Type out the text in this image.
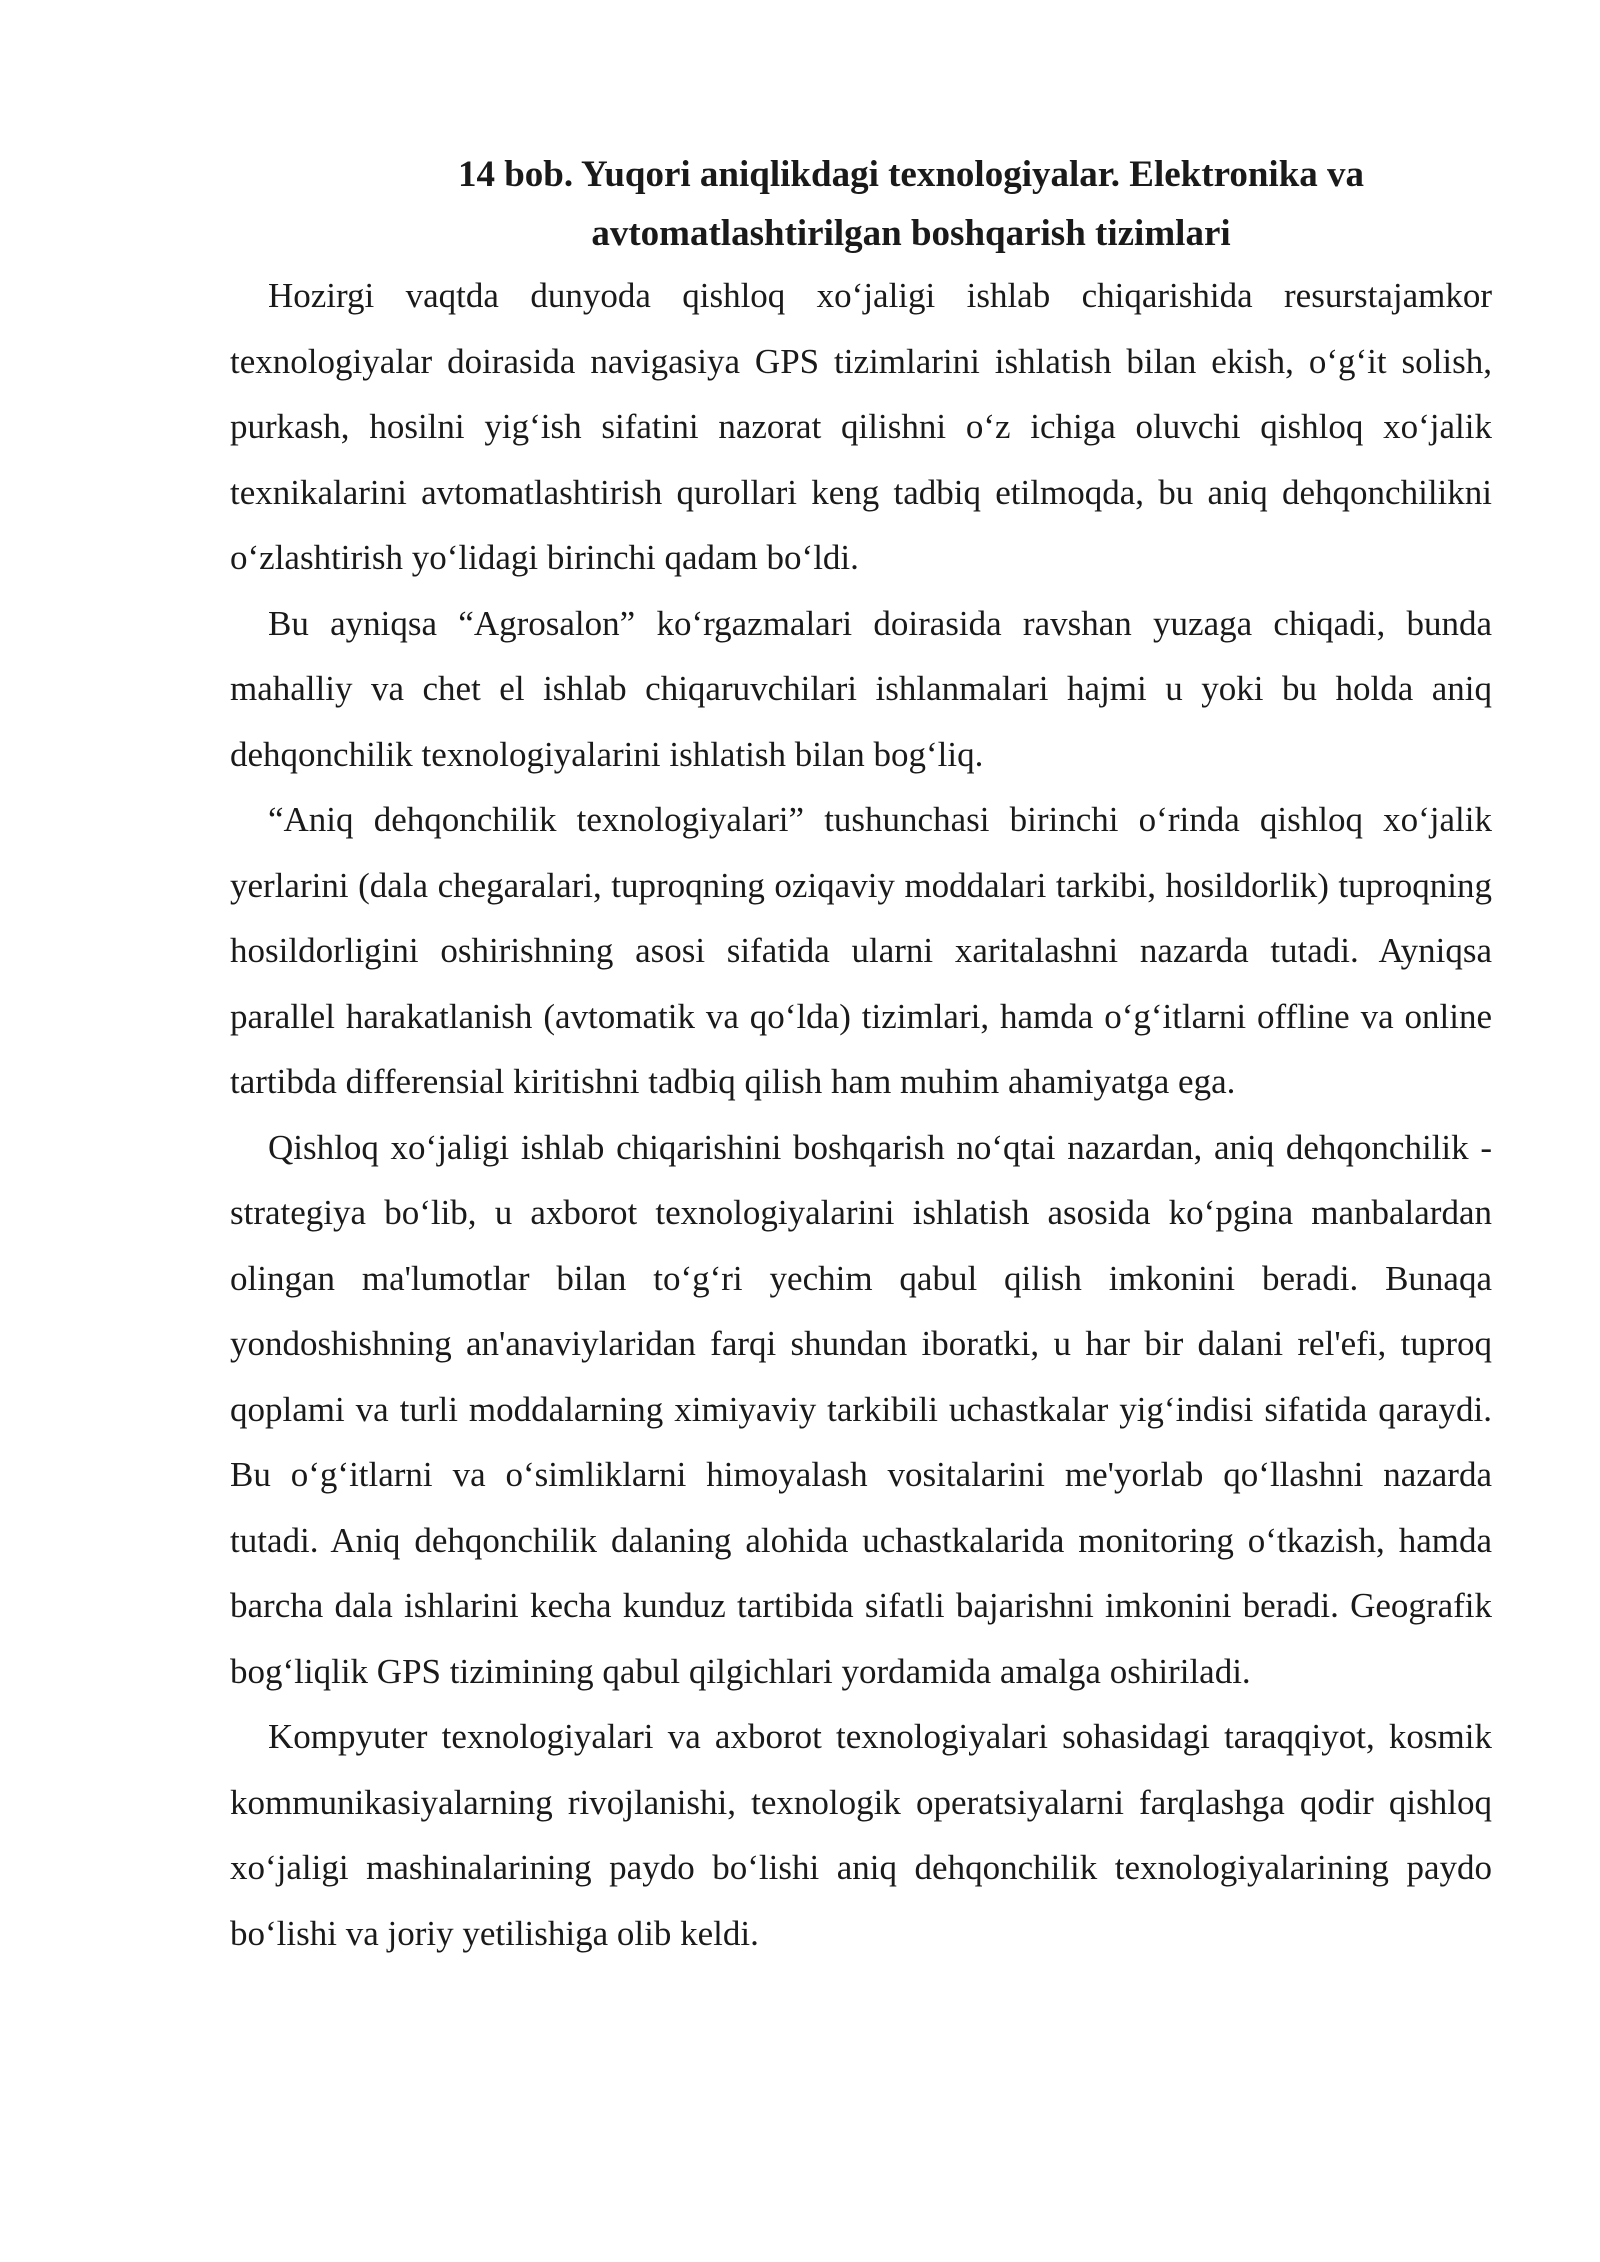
14 bob. Yuqori aniqlikdagi texnologiyalar. Elektronika va
avtomatlashtirilgan boshqarish tizimlari

Hozirgi vaqtda dunyoda qishloq xo‘jaligi ishlab chiqarishida resurstajamkor texnologiyalar doirasida navigasiya GPS tizimlarini ishlatish bilan ekish, o‘g‘it solish, purkash, hosilni yig‘ish sifatini nazorat qilishni o‘z ichiga oluvchi qishloq xo‘jalik texnikalarini avtomatlashtirish qurollari keng tadbiq etilmoqda, bu aniq dehqonchilikni o‘zlashtirish yo‘lidagi birinchi qadam bo‘ldi.

Bu ayniqsa “Agrosalon” ko‘rgazmalari doirasida ravshan yuzaga chiqadi, bunda mahalliy va chet el ishlab chiqaruvchilari ishlanmalari hajmi u yoki bu holda aniq dehqonchilik texnologiyalarini ishlatish bilan bog‘liq.

“Aniq dehqonchilik texnologiyalari” tushunchasi birinchi o‘rinda qishloq xo‘jalik yerlarini (dala chegaralari, tuproqning oziqaviy moddalari tarkibi, hosildorlik) tuproqning hosildorligini oshirishning asosi sifatida ularni xaritalashni nazarda tutadi. Ayniqsa parallel harakatlanish (avtomatik va qo‘lda) tizimlari, hamda o‘g‘itlarni offline va online tartibda differensial kiritishni tadbiq qilish ham muhim ahamiyatga ega.

Qishloq xo‘jaligi ishlab chiqarishini boshqarish no‘qtai nazardan, aniq dehqonchilik - strategiya bo‘lib, u axborot texnologiyalarini ishlatish asosida ko‘pgina manbalardan olingan ma'lumotlar bilan to‘g‘ri yechim qabul qilish imkonini beradi. Bunaqa yondoshishning an'anaviylaridan farqi shundan iboratki, u har bir dalani rel'efi, tuproq qoplami va turli moddalarning ximiyaviy tarkibili uchastkalar yig‘indisi sifatida qaraydi. Bu o‘g‘itlarni va o‘simliklarni himoyalash vositalarini me'yorlab qo‘llashni nazarda tutadi. Aniq dehqonchilik dalaning alohida uchastkalarida monitoring o‘tkazish, hamda barcha dala ishlarini kecha kunduz tartibida sifatli bajarishni imkonini beradi. Geografik bog‘liqlik GPS tizimining qabul qilgichlari yordamida amalga oshiriladi.

Kompyuter texnologiyalari va axborot texnologiyalari sohasidagi taraqqiyot, kosmik kommunikasiyalarning rivojlanishi, texnologik operatsiyalarni farqlashga qodir qishloq xo‘jaligi mashinalarining paydo bo‘lishi aniq dehqonchilik texnologiyalarining paydo bo‘lishi va joriy yetilishiga olib keldi.
